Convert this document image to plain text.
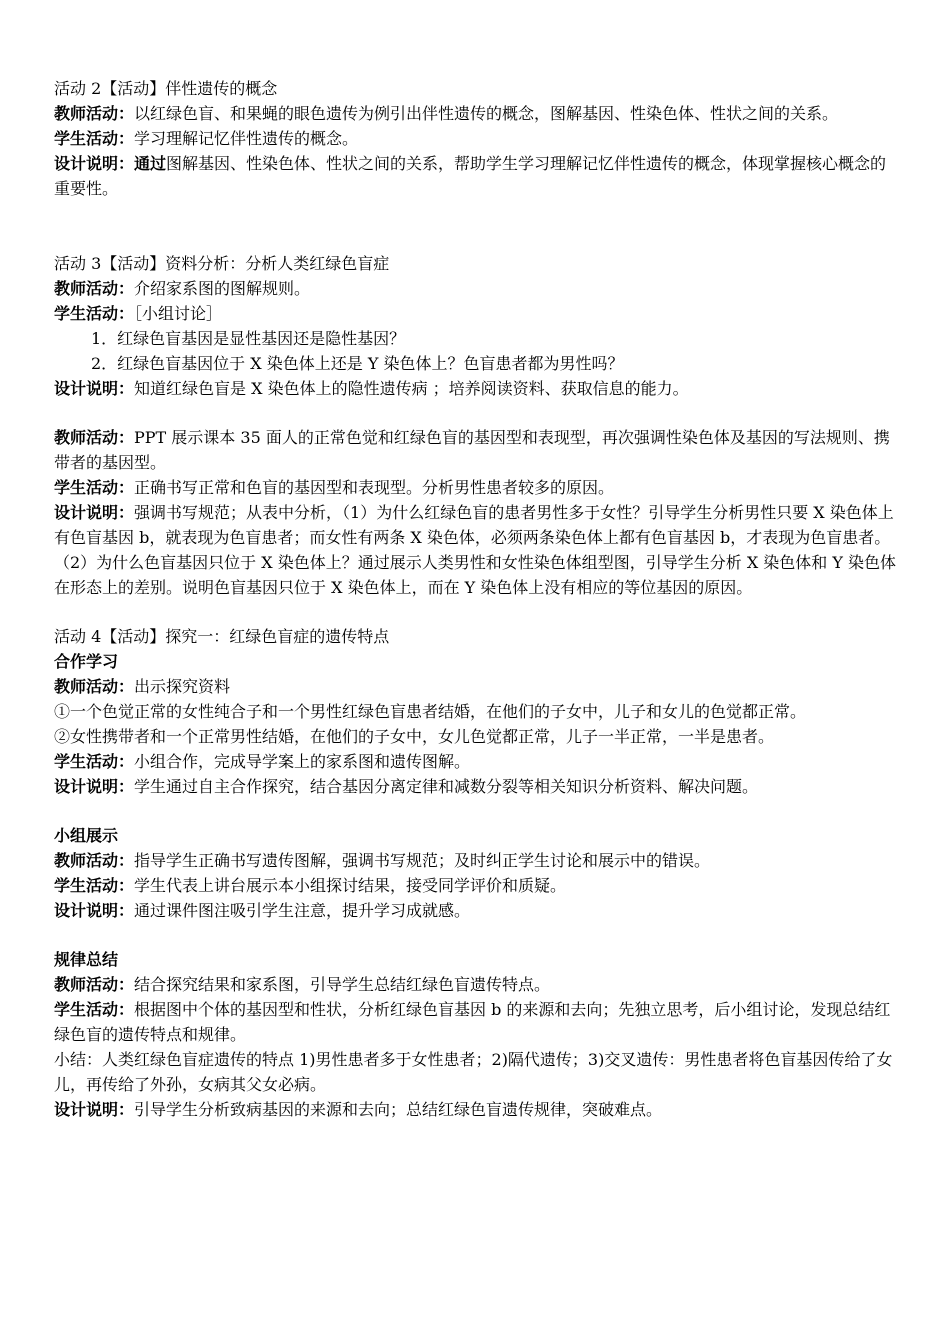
活动 2【活动】伴性遗传的概念

教师活动：以红绿色盲、和果蝇的眼色遗传为例引出伴性遗传的概念，图解基因、性染色体、性状之间的关系。

学生活动：学习理解记忆伴性遗传的概念。

设计说明：通过图解基因、性染色体、性状之间的关系，帮助学生学习理解记忆伴性遗传的概念，体现掌握核心概念的重要性。

活动 3【活动】资料分析：分析人类红绿色盲症

教师活动：介绍家系图的图解规则。

学生活动：［小组讨论］

1．红绿色盲基因是显性基因还是隐性基因？

2．红绿色盲基因位于 X 染色体上还是 Y 染色体上？色盲患者都为男性吗？

设计说明：知道红绿色盲是 X 染色体上的隐性遗传病 ；培养阅读资料、获取信息的能力。

教师活动：PPT 展示课本 35 面人的正常色觉和红绿色盲的基因型和表现型，再次强调性染色体及基因的写法规则、携带者的基因型。

学生活动：正确书写正常和色盲的基因型和表现型。分析男性患者较多的原因。

设计说明：强调书写规范；从表中分析，（1）为什么红绿色盲的患者男性多于女性？引导学生分析男性只要 X 染色体上有色盲基因 b，就表现为色盲患者；而女性有两条 X 染色体，必须两条染色体上都有色盲基因 b，才表现为色盲患者。

（2）为什么色盲基因只位于 X 染色体上？通过展示人类男性和女性染色体组型图，引导学生分析 X 染色体和 Y 染色体在形态上的差别。说明色盲基因只位于 X 染色体上，而在 Y 染色体上没有相应的等位基因的原因。

活动 4【活动】探究一：红绿色盲症的遗传特点

合作学习

教师活动：出示探究资料

①一个色觉正常的女性纯合子和一个男性红绿色盲患者结婚，在他们的子女中，儿子和女儿的色觉都正常。

②女性携带者和一个正常男性结婚，在他们的子女中，女儿色觉都正常，儿子一半正常，一半是患者。

学生活动：小组合作，完成导学案上的家系图和遗传图解。

设计说明：学生通过自主合作探究，结合基因分离定律和减数分裂等相关知识分析资料、解决问题。

小组展示

教师活动：指导学生正确书写遗传图解，强调书写规范；及时纠正学生讨论和展示中的错误。

学生活动：学生代表上讲台展示本小组探讨结果，接受同学评价和质疑。

设计说明：通过课件图注吸引学生注意，提升学习成就感。

规律总结

教师活动：结合探究结果和家系图，引导学生总结红绿色盲遗传特点。

学生活动：根据图中个体的基因型和性状，分析红绿色盲基因 b 的来源和去向；先独立思考，后小组讨论，发现总结红绿色盲的遗传特点和规律。

小结：人类红绿色盲症遗传的特点 1)男性患者多于女性患者；2)隔代遗传；3)交叉遗传：男性患者将色盲基因传给了女儿，再传给了外孙，女病其父女必病。

设计说明：引导学生分析致病基因的来源和去向；总结红绿色盲遗传规律，突破难点。
